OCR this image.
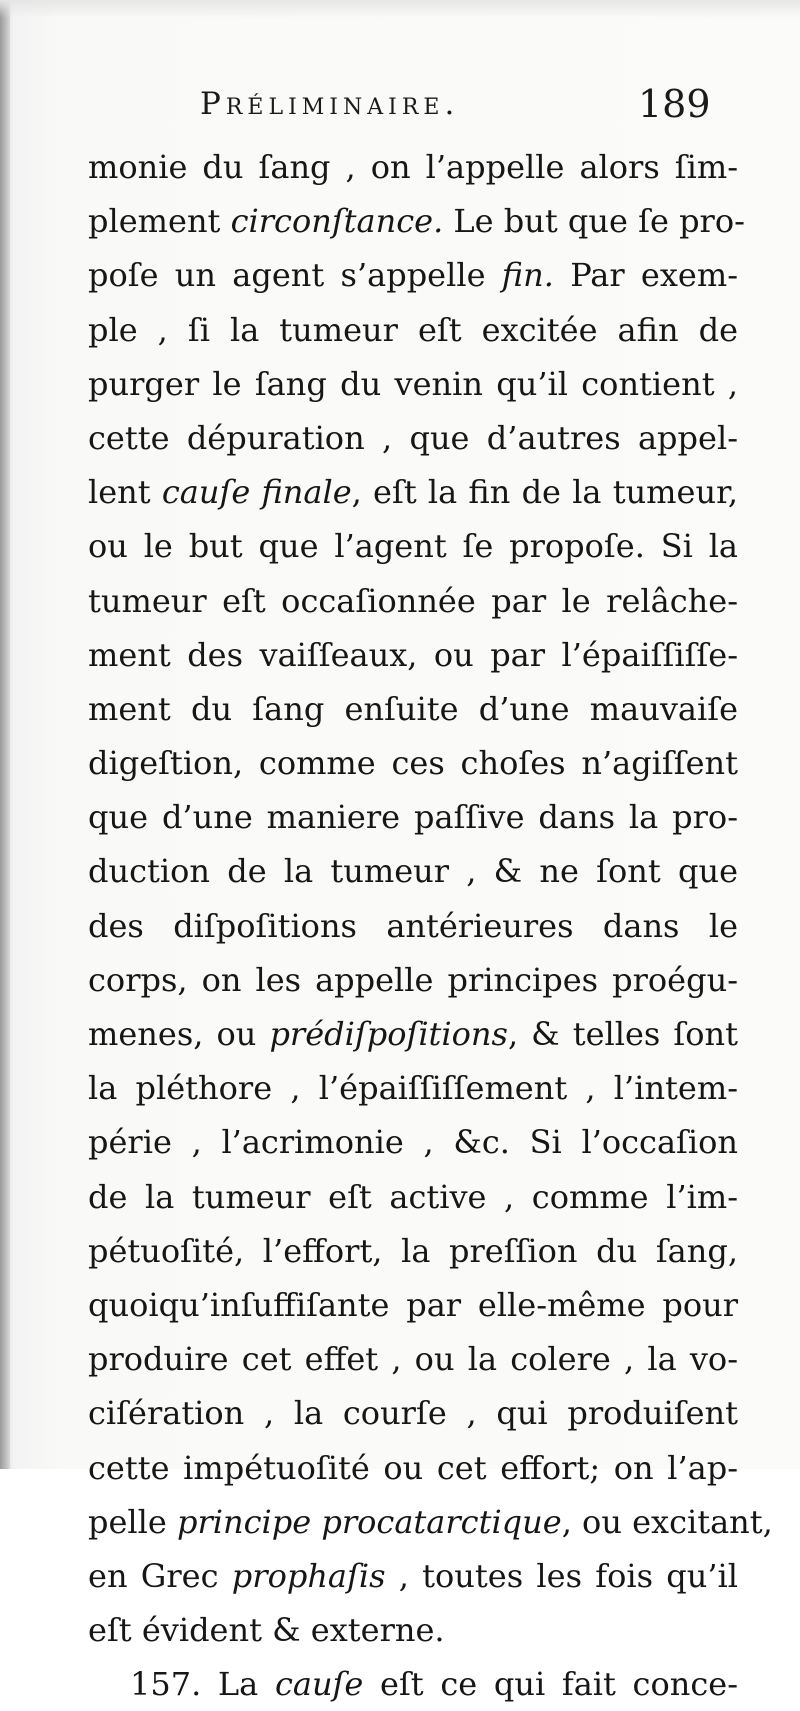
Préliminaire.	189
monie du ſang , on l’appelle alors ſim-
plement circonſtance. Le but que ſe pro-
poſe un agent s’appelle fin. Par exem-
ple , ſi la tumeur eſt excitée afin de
purger le ſang du venin qu’il contient ,
cette dépuration , que d’autres appel-
lent cauſe finale, eſt la fin de la tumeur,
ou le but que l’agent ſe propoſe. Si la
tumeur eſt occaſionnée par le relâche-
ment des vaiſſeaux, ou par l’épaiſſiſſe-
ment du ſang enſuite d’une mauvaiſe
digeſtion, comme ces choſes n’agiſſent
que d’une maniere paſſive dans la pro-
duction de la tumeur , & ne ſont que
des diſpoſitions antérieures dans le
corps, on les appelle principes proégu-
menes, ou prédiſpoſitions, & telles ſont
la pléthore , l’épaiſſiſſement , l’intem-
périe , l’acrimonie , &c. Si l’occaſion
de la tumeur eſt active , comme l’im-
pétuoſité, l’effort, la preſſion du ſang,
quoiqu’inſuffiſante par elle-même pour
produire cet effet , ou la colere , la vo-
ciſération , la courſe , qui produiſent
cette impétuoſité ou cet effort; on l’ap-
pelle principe procatarctique, ou excitant,
en Grec prophaſis , toutes les fois qu’il
eſt évident & externe.
157. La cauſe eſt ce qui fait conce-
